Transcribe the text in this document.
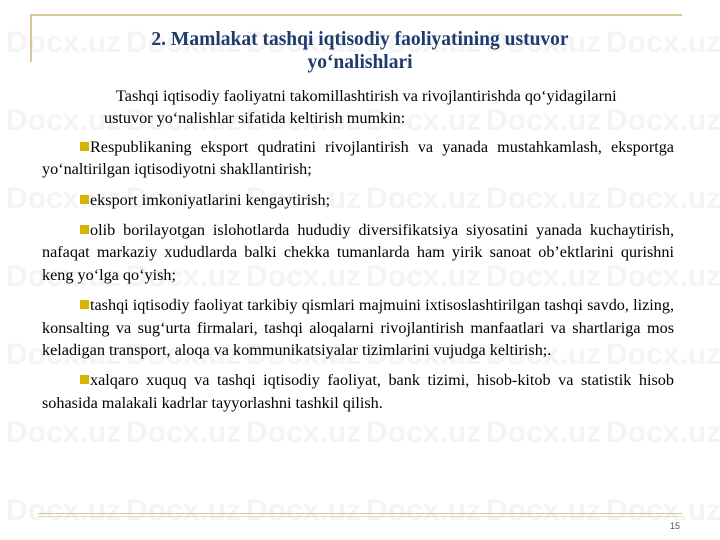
2. Mamlakat tashqi iqtisodiy faoliyatining ustuvor
yo‘nalishlari

Tashqi iqtisodiy faoliyatni takomillashtirish va rivojlantirishda qo‘yidagilarni ustuvor yo‘nalishlar sifatida keltirish mumkin:

Respublikaning eksport qudratini rivojlantirish va yanada mustahkamlash, eksportga yo‘naltirilgan iqtisodiyotni shakllantirish;

eksport imkoniyatlarini kengaytirish;

olib borilayotgan islohotlarda hududiy diversifikatsiya siyosatini yanada kuchaytirish, nafaqat markaziy xududlarda balki chekka tumanlarda ham yirik sanoat ob’ektlarini qurishni keng yo‘lga qo‘yish;

tashqi iqtisodiy faoliyat tarkibiy qismlari majmuini ixtisoslashtirilgan tashqi savdo, lizing, konsalting va sug‘urta firmalari, tashqi aloqalarni rivojlantirish manfaatlari va shartlariga mos keladigan transport, aloqa va kommunikatsiyalar tizimlarini vujudga keltirish;.

xalqaro xuquq va tashqi iqtisodiy faoliyat, bank tizimi, hisob-kitob va statistik hisob sohasida malakali kadrlar tayyorlashni tashkil qilish.

15
